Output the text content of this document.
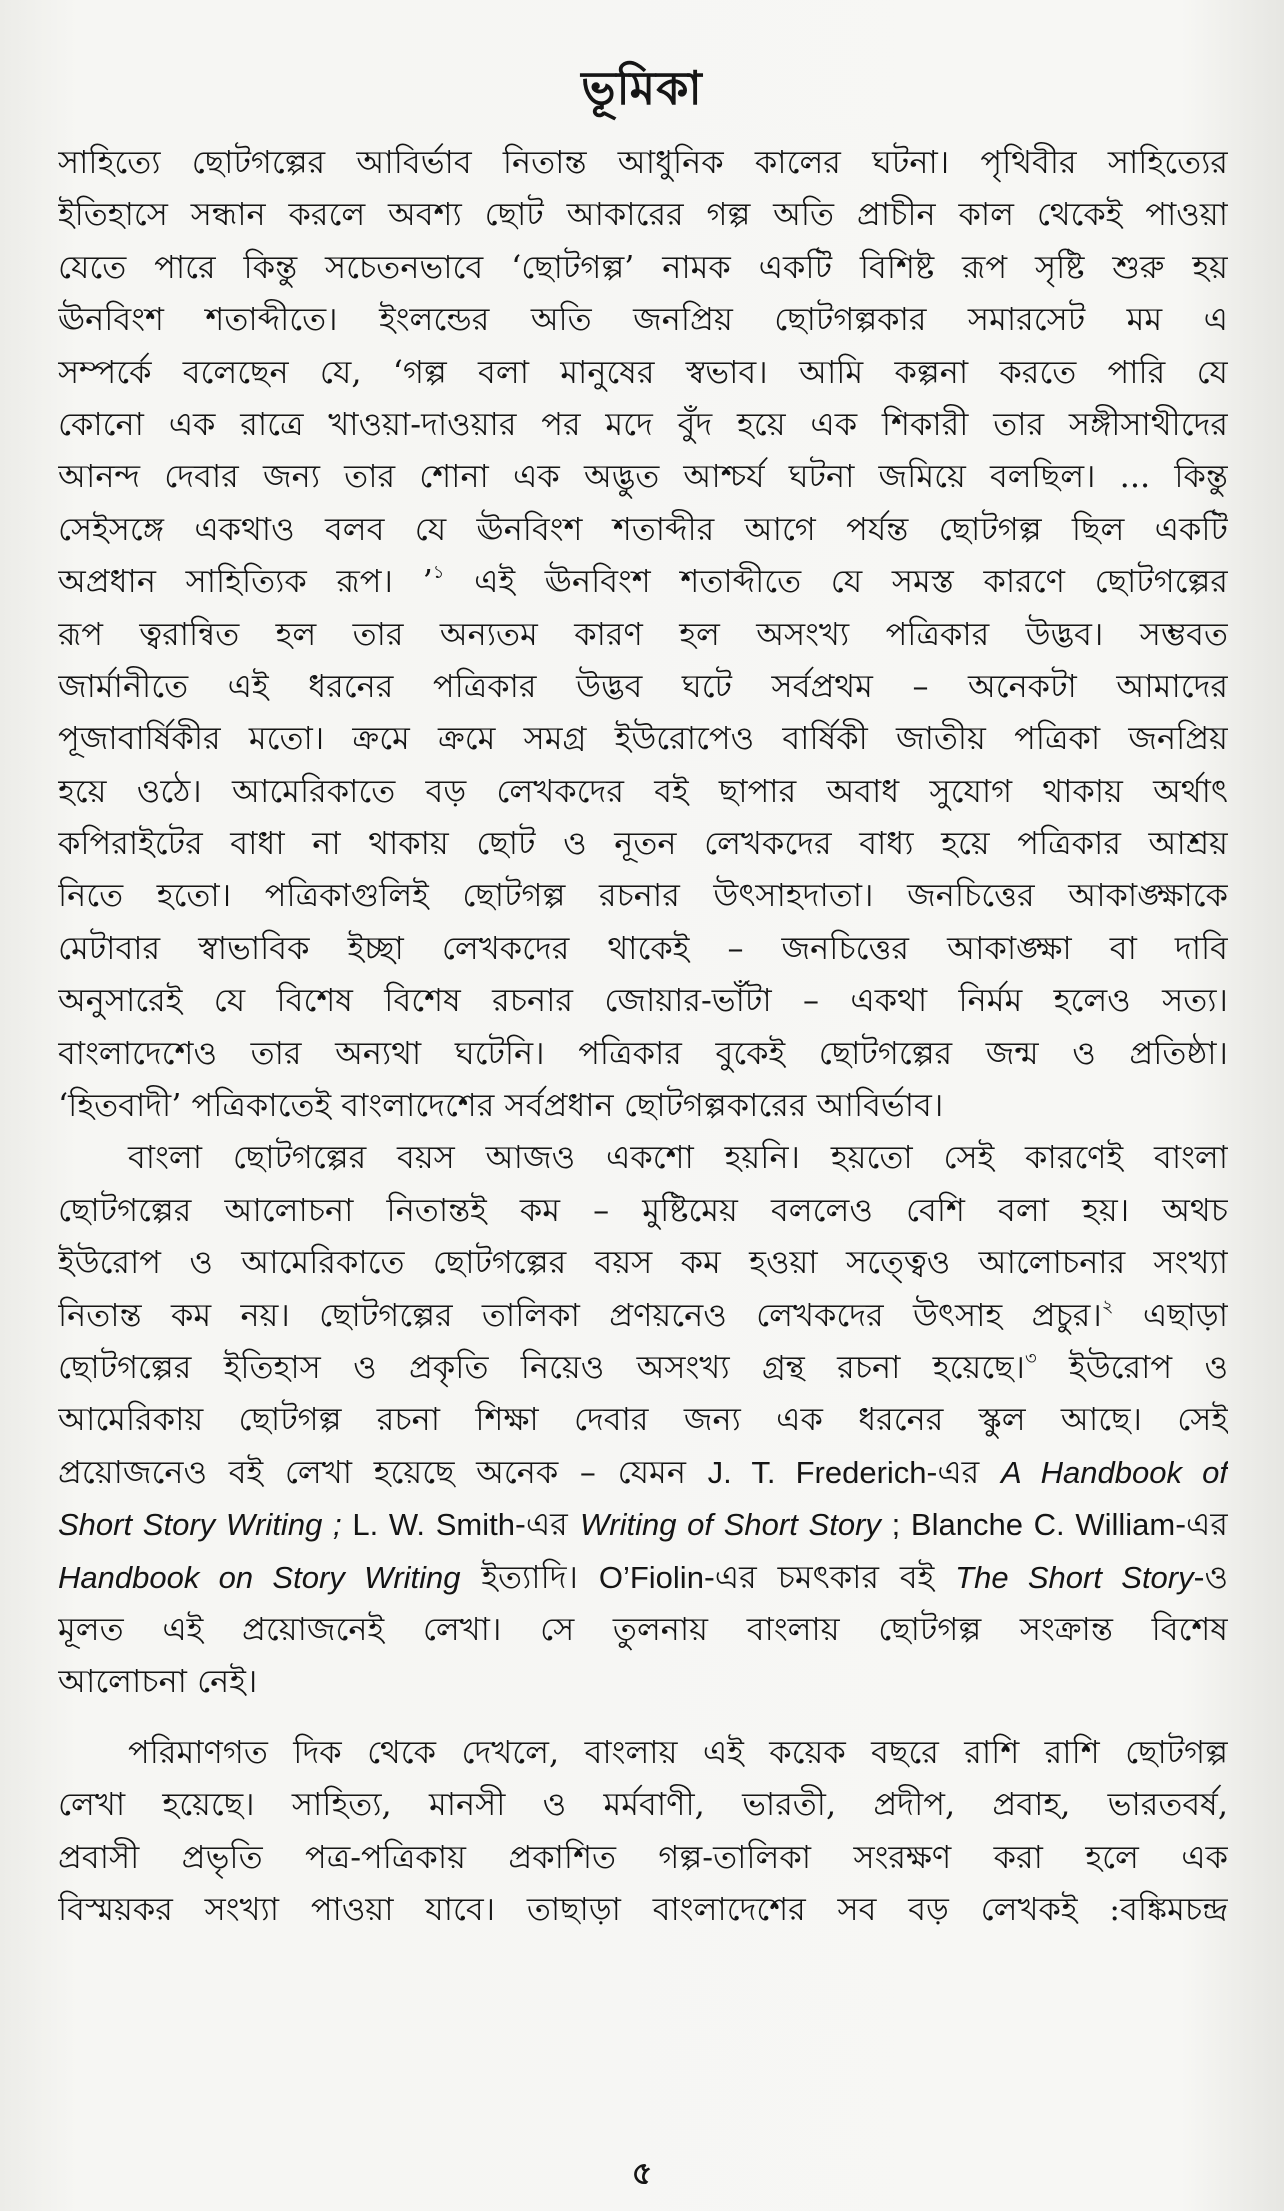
ভূমিকা
সাহিত্যে ছোটগল্পের আবির্ভাব নিতান্ত আধুনিক কালের ঘটনা। পৃথিবীর সাহিত্যের
ইতিহাসে সন্ধান করলে অবশ্য ছোট আকারের গল্প অতি প্রাচীন কাল থেকেই পাওয়া
যেতে পারে কিন্তু সচেতনভাবে ‘ছোটগল্প’ নামক একটি বিশিষ্ট রূপ সৃষ্টি শুরু হয়
ঊনবিংশ শতাব্দীতে। ইংলন্ডের অতি জনপ্রিয় ছোটগল্পকার সমারসেট মম এ
সম্পর্কে বলেছেন যে, ‘গল্প বলা মানুষের স্বভাব। আমি কল্পনা করতে পারি যে
কোনো এক রাত্রে খাওয়া-দাওয়ার পর মদে বুঁদ হয়ে এক শিকারী তার সঙ্গীসাথীদের
আনন্দ দেবার জন্য তার শোনা এক অদ্ভুত আশ্চর্য ঘটনা জমিয়ে বলছিল। ... কিন্তু
সেইসঙ্গে একথাও বলব যে ঊনবিংশ শতাব্দীর আগে পর্যন্ত ছোটগল্প ছিল একটি
অপ্রধান সাহিত্যিক রূপ। ’$^১$ এই ঊনবিংশ শতাব্দীতে যে সমস্ত কারণে ছোটগল্পের
রূপ ত্বরান্বিত হল তার অন্যতম কারণ হল অসংখ্য পত্রিকার উদ্ভব। সম্ভবত
জার্মানীতে এই ধরনের পত্রিকার উদ্ভব ঘটে সর্বপ্রথম – অনেকটা আমাদের
পূজাবার্ষিকীর মতো। ক্রমে ক্রমে সমগ্র ইউরোপেও বার্ষিকী জাতীয় পত্রিকা জনপ্রিয়
হয়ে ওঠে। আমেরিকাতে বড় লেখকদের বই ছাপার অবাধ সুযোগ থাকায় অর্থাৎ
কপিরাইটের বাধা না থাকায় ছোট ও নূতন লেখকদের বাধ্য হয়ে পত্রিকার আশ্রয়
নিতে হতো। পত্রিকাগুলিই ছোটগল্প রচনার উৎসাহদাতা। জনচিত্তের আকাঙ্ক্ষাকে
মেটাবার স্বাভাবিক ইচ্ছা লেখকদের থাকেই – জনচিত্তের আকাঙ্ক্ষা বা দাবি
অনুসারেই যে বিশেষ বিশেষ রচনার জোয়ার-ভাঁটা – একথা নির্মম হলেও সত্য।
বাংলাদেশেও তার অন্যথা ঘটেনি। পত্রিকার বুকেই ছোটগল্পের জন্ম ও প্রতিষ্ঠা।
‘হিতবাদী’ পত্রিকাতেই বাংলাদেশের সর্বপ্রধান ছোটগল্পকারের আবির্ভাব।
বাংলা ছোটগল্পের বয়স আজও একশো হয়নি। হয়তো সেই কারণেই বাংলা
ছোটগল্পের আলোচনা নিতান্তই কম – মুষ্টিমেয় বললেও বেশি বলা হয়। অথচ
ইউরোপ ও আমেরিকাতে ছোটগল্পের বয়স কম হওয়া সত্ত্বেও আলোচনার সংখ্যা
নিতান্ত কম নয়। ছোটগল্পের তালিকা প্রণয়নেও লেখকদের উৎসাহ প্রচুর।$^২$ এছাড়া
ছোটগল্পের ইতিহাস ও প্রকৃতি নিয়েও অসংখ্য গ্রন্থ রচনা হয়েছে।$^৩$ ইউরোপ ও
আমেরিকায় ছোটগল্প রচনা শিক্ষা দেবার জন্য এক ধরনের স্কুল আছে। সেই
প্রয়োজনেও বই লেখা হয়েছে অনেক – যেমন J. T. Frederich-এর A Handbook of
Short Story Writing ; L. W. Smith-এর Writing of Short Story ; Blanche C. William-এর
Handbook on Story Writing ইত্যাদি। O’Fiolin-এর চমৎকার বই The Short Story-ও
মূলত এই প্রয়োজনেই লেখা। সে তুলনায় বাংলায় ছোটগল্প সংক্রান্ত বিশেষ
আলোচনা নেই।
পরিমাণগত দিক থেকে দেখলে, বাংলায় এই কয়েক বছরে রাশি রাশি ছোটগল্প
লেখা হয়েছে। সাহিত্য, মানসী ও মর্মবাণী, ভারতী, প্রদীপ, প্রবাহ, ভারতবর্ষ,
প্রবাসী প্রভৃতি পত্র-পত্রিকায় প্রকাশিত গল্প-তালিকা সংরক্ষণ করা হলে এক
বিস্ময়কর সংখ্যা পাওয়া যাবে। তাছাড়া বাংলাদেশের সব বড় লেখকই :বঙ্কিমচন্দ্র
৫
